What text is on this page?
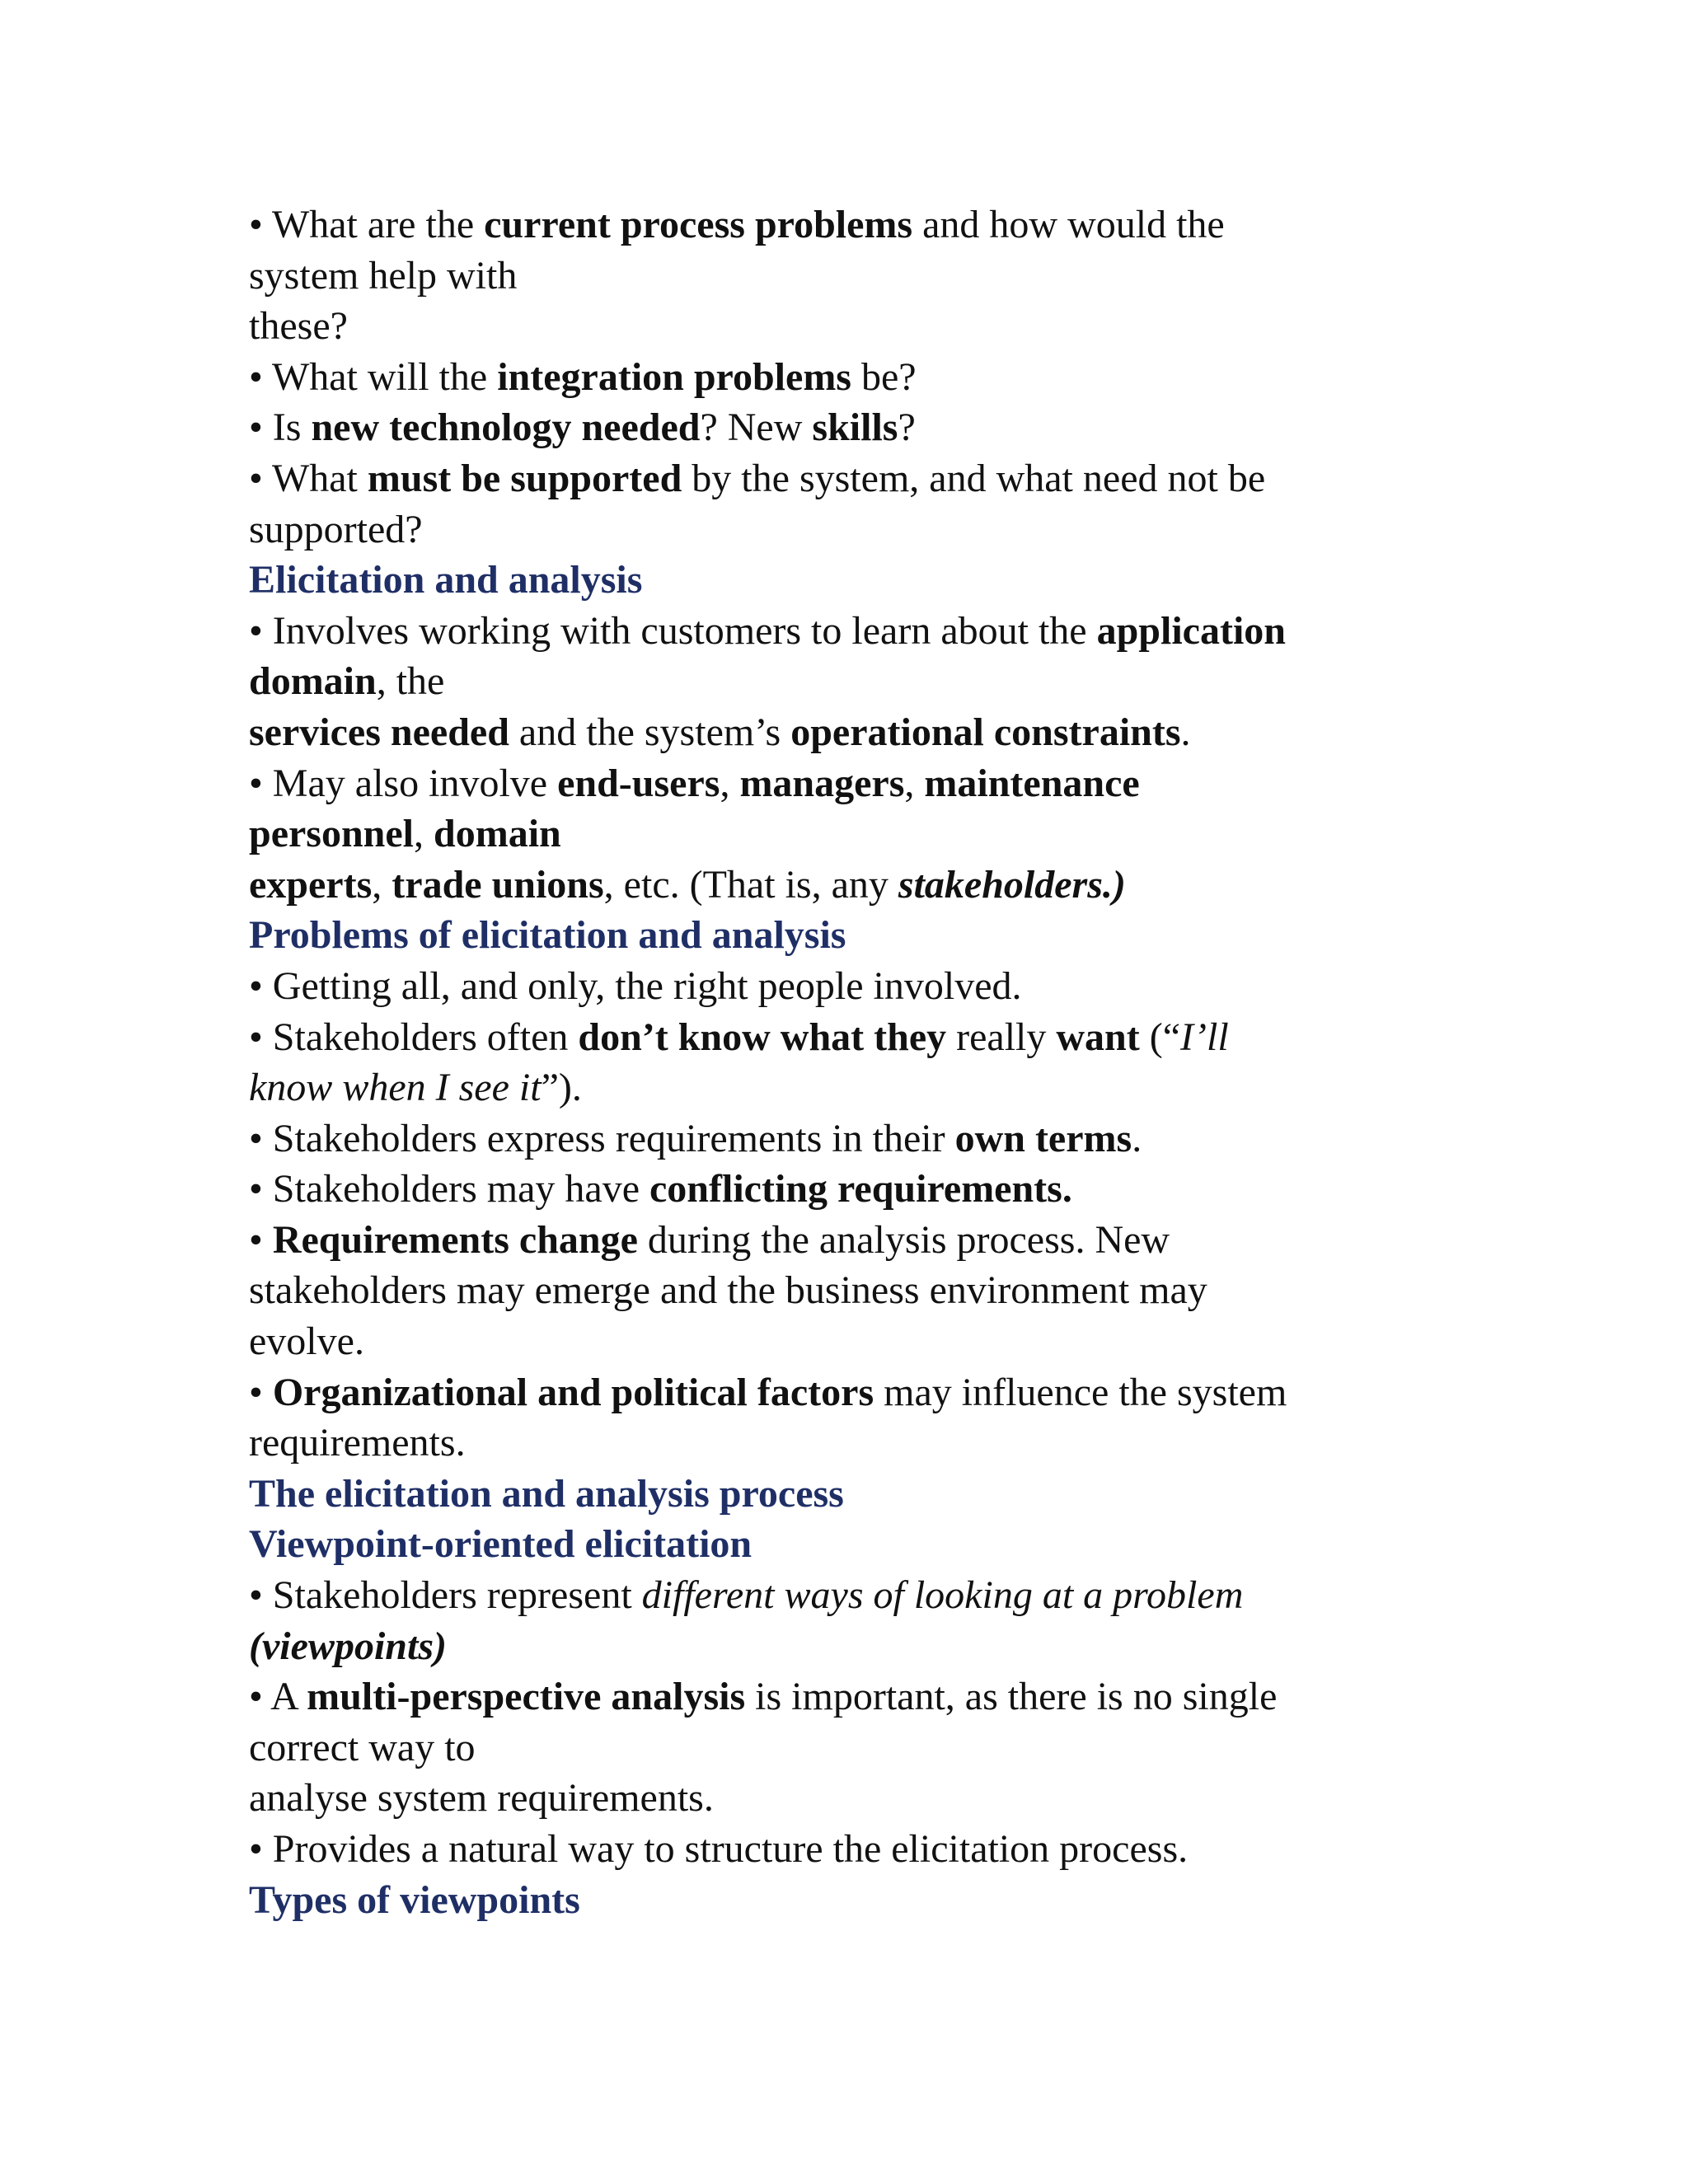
• What are the current process problems and how would the
system help with
these?
• What will the integration problems be?
• Is new technology needed? New skills?
• What must be supported by the system, and what need not be
supported?
Elicitation and analysis
• Involves working with customers to learn about the application
domain, the
services needed and the system’s operational constraints.
• May also involve end-users, managers, maintenance
personnel, domain
experts, trade unions, etc. (That is, any stakeholders.)
Problems of elicitation and analysis
• Getting all, and only, the right people involved.
• Stakeholders often don’t know what they really want (“I’ll
know when I see it”).
• Stakeholders express requirements in their own terms.
• Stakeholders may have conflicting requirements.
• Requirements change during the analysis process. New
stakeholders may emerge and the business environment may
evolve.
• Organizational and political factors may influence the system
requirements.
The elicitation and analysis process
Viewpoint-oriented elicitation
• Stakeholders represent different ways of looking at a problem
(viewpoints)
• A multi-perspective analysis is important, as there is no single
correct way to
analyse system requirements.
• Provides a natural way to structure the elicitation process.
Types of viewpoints
